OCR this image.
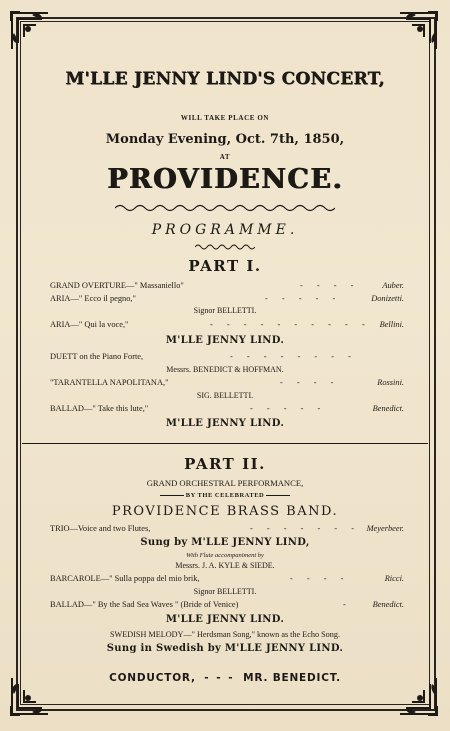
M'LLE JENNY LIND'S CONCERT,
WILL TAKE PLACE ON
Monday Evening, Oct. 7th, 1850,
AT
PROVIDENCE.
PROGRAMME.
PART I.
GRAND OVERTURE—" Massaniello"	- - - -	Auber.
ARIA—" Ecco il pegno,"	- - - - -	Donizetti.
Signor BELLETTI.
ARIA—" Qui la voce,"	- - - - - - - - - - Bellini.
M'LLE JENNY LIND.
DUETT on the Piano Forte,	- - - - - - - -
Messrs. BENEDICT & HOFFMAN.
"TARANTELLA NAPOLITANA,"	- - - -	Rossini.
SIG. BELLETTI.
BALLAD—" Take this lute,"	- - - - -	Benedict.
M'LLE JENNY LIND.
PART II.
GRAND ORCHESTRAL PERFORMANCE,
BY THE CELEBRATED
PROVIDENCE BRASS BAND.
TRIO—Voice and two Flutes,	- - - - - - - Meyerbeer.
Sung by M'LLE JENNY LIND,
With Flute accompaniment by
Messrs. J. A. KYLE & SIEDE.
BARCAROLE—" Sulla poppa del mio brik,	- - - -	Ricci.
Signor BELLETTI.
BALLAD—" By the Sad Sea Waves " (Bride of Venice)	- Benedict.
M'LLE JENNY LIND.
SWEDISH MELODY—" Herdsman Song," known as the Echo Song.
Sung in Swedish by M'LLE JENNY LIND.
CONDUCTOR, - - - MR. BENEDICT.
